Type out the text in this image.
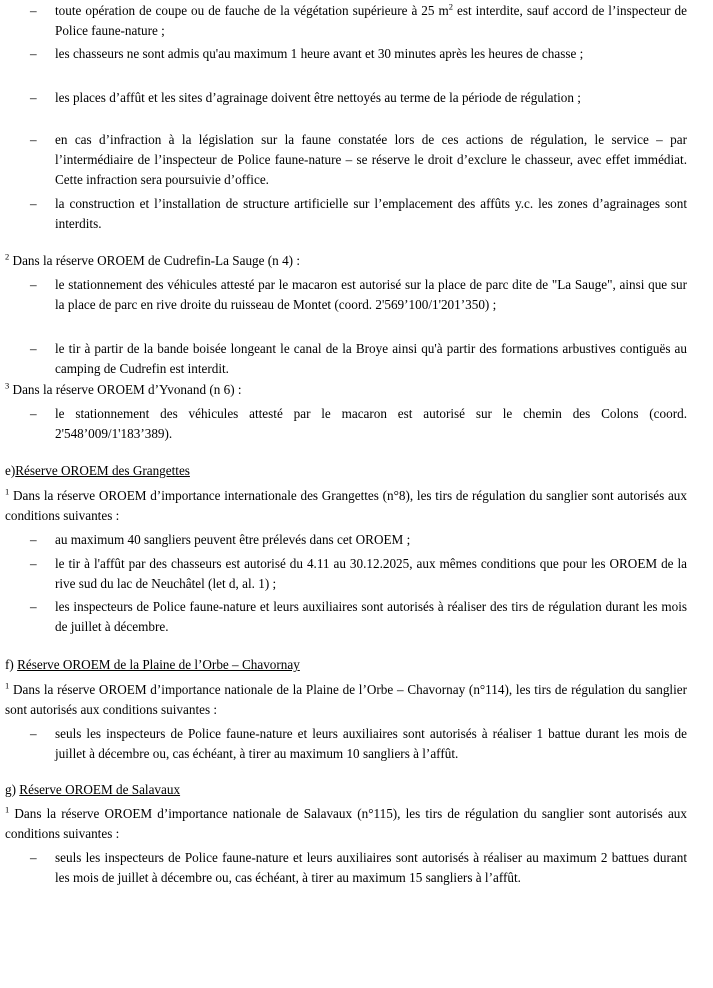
– toute opération de coupe ou de fauche de la végétation supérieure à 25 $m^2$ est interdite, sauf accord de l’inspecteur de Police faune-nature ;
– les chasseurs ne sont admis qu'au maximum 1 heure avant et 30 minutes après les heures de chasse ;
– les places d’affût et les sites d’agrainage doivent être nettoyés au terme de la période de régulation ;
– en cas d’infraction à la législation sur la faune constatée lors de ces actions de régulation, le service – par l’intermédiaire de l’inspecteur de Police faune-nature – se réserve le droit d’exclure le chasseur, avec effet immédiat. Cette infraction sera poursuivie d’office.
– la construction et l’installation de structure artificielle sur l’emplacement des affûts y.c. les zones d’agrainages sont interdits.
$^2$ Dans la réserve OROEM de Cudrefin-La Sauge (n 4) :
– le stationnement des véhicules attesté par le macaron est autorisé sur la place de parc dite de "La Sauge", ainsi que sur la place de parc en rive droite du ruisseau de Montet (coord. 2'569’100/1'201’350) ;
– le tir à partir de la bande boisée longeant le canal de la Broye ainsi qu'à partir des formations arbustives contiguës au camping de Cudrefin est interdit.
$^3$ Dans la réserve OROEM d’Yvonand (n 6) :
– le stationnement des véhicules attesté par le macaron est autorisé sur le chemin des Colons (coord. 2'548’009/1'183’389).
e)Réserve OROEM des Grangettes
$^1$ Dans la réserve OROEM d’importance internationale des Grangettes (n°8), les tirs de régulation du sanglier sont autorisés aux conditions suivantes :
– au maximum 40 sangliers peuvent être prélevés dans cet OROEM ;
– le tir à l'affût par des chasseurs est autorisé du 4.11 au 30.12.2025, aux mêmes conditions que pour les OROEM de la rive sud du lac de Neuchâtel (let d, al. 1) ;
– les inspecteurs de Police faune-nature et leurs auxiliaires sont autorisés à réaliser des tirs de régulation durant les mois de juillet à décembre.
f) Réserve OROEM de la Plaine de l’Orbe – Chavornay
$^1$ Dans la réserve OROEM d’importance nationale de la Plaine de l’Orbe – Chavornay (n°114), les tirs de régulation du sanglier sont autorisés aux conditions suivantes :
– seuls les inspecteurs de Police faune-nature et leurs auxiliaires sont autorisés à réaliser 1 battue durant les mois de juillet à décembre ou, cas échéant, à tirer au maximum 10 sangliers à l’affût.
g) Réserve OROEM de Salavaux
$^1$ Dans la réserve OROEM d’importance nationale de Salavaux (n°115), les tirs de régulation du sanglier sont autorisés aux conditions suivantes :
– seuls les inspecteurs de Police faune-nature et leurs auxiliaires sont autorisés à réaliser au maximum 2 battues durant les mois de juillet à décembre ou, cas échéant, à tirer au maximum 15 sangliers à l’affût.
